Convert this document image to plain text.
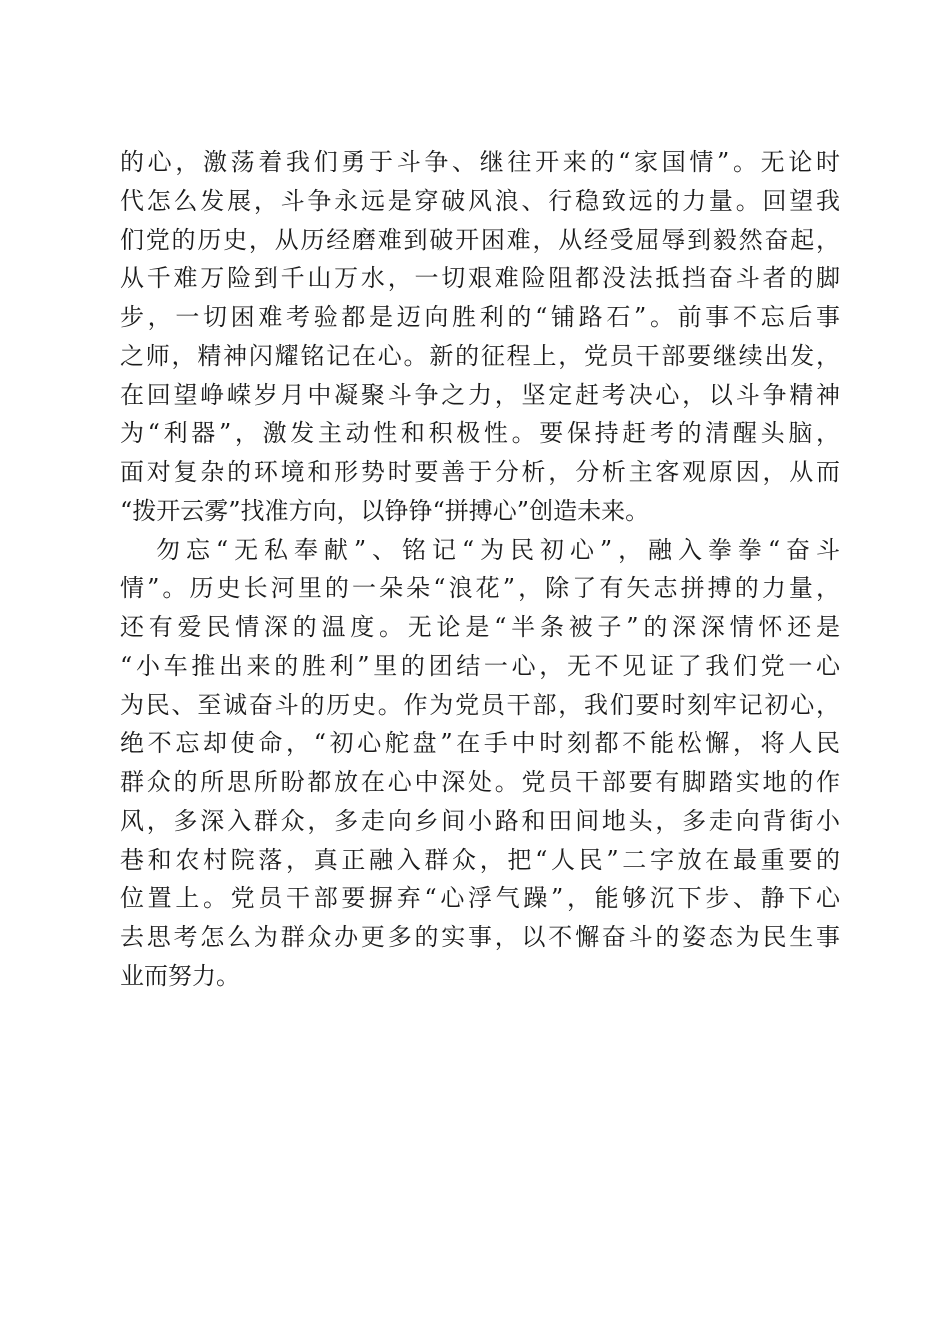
的心，激荡着我们勇于斗争、继往开来的“家国情”。无论时
代怎么发展，斗争永远是穿破风浪、行稳致远的力量。回望我
们党的历史，从历经磨难到破开困难，从经受屈辱到毅然奋起，
从千难万险到千山万水，一切艰难险阻都没法抵挡奋斗者的脚
步，一切困难考验都是迈向胜利的“铺路石”。前事不忘后事
之师，精神闪耀铭记在心。新的征程上，党员干部要继续出发，
在回望峥嵘岁月中凝聚斗争之力，坚定赶考决心，以斗争精神
为“利器”，激发主动性和积极性。要保持赶考的清醒头脑，
面对复杂的环境和形势时要善于分析，分析主客观原因，从而
“拨开云雾”找准方向，以铮铮“拼搏心”创造未来。
勿忘“无私奉献”、铭记“为民初心”，融入拳拳“奋斗
情”。历史长河里的一朵朵“浪花”，除了有矢志拼搏的力量，
还有爱民情深的温度。无论是“半条被子”的深深情怀还是
“小车推出来的胜利”里的团结一心，无不见证了我们党一心
为民、至诚奋斗的历史。作为党员干部，我们要时刻牢记初心，
绝不忘却使命，“初心舵盘”在手中时刻都不能松懈，将人民
群众的所思所盼都放在心中深处。党员干部要有脚踏实地的作
风，多深入群众，多走向乡间小路和田间地头，多走向背街小
巷和农村院落，真正融入群众，把“人民”二字放在最重要的
位置上。党员干部要摒弃“心浮气躁”，能够沉下步、静下心
去思考怎么为群众办更多的实事，以不懈奋斗的姿态为民生事
业而努力。
